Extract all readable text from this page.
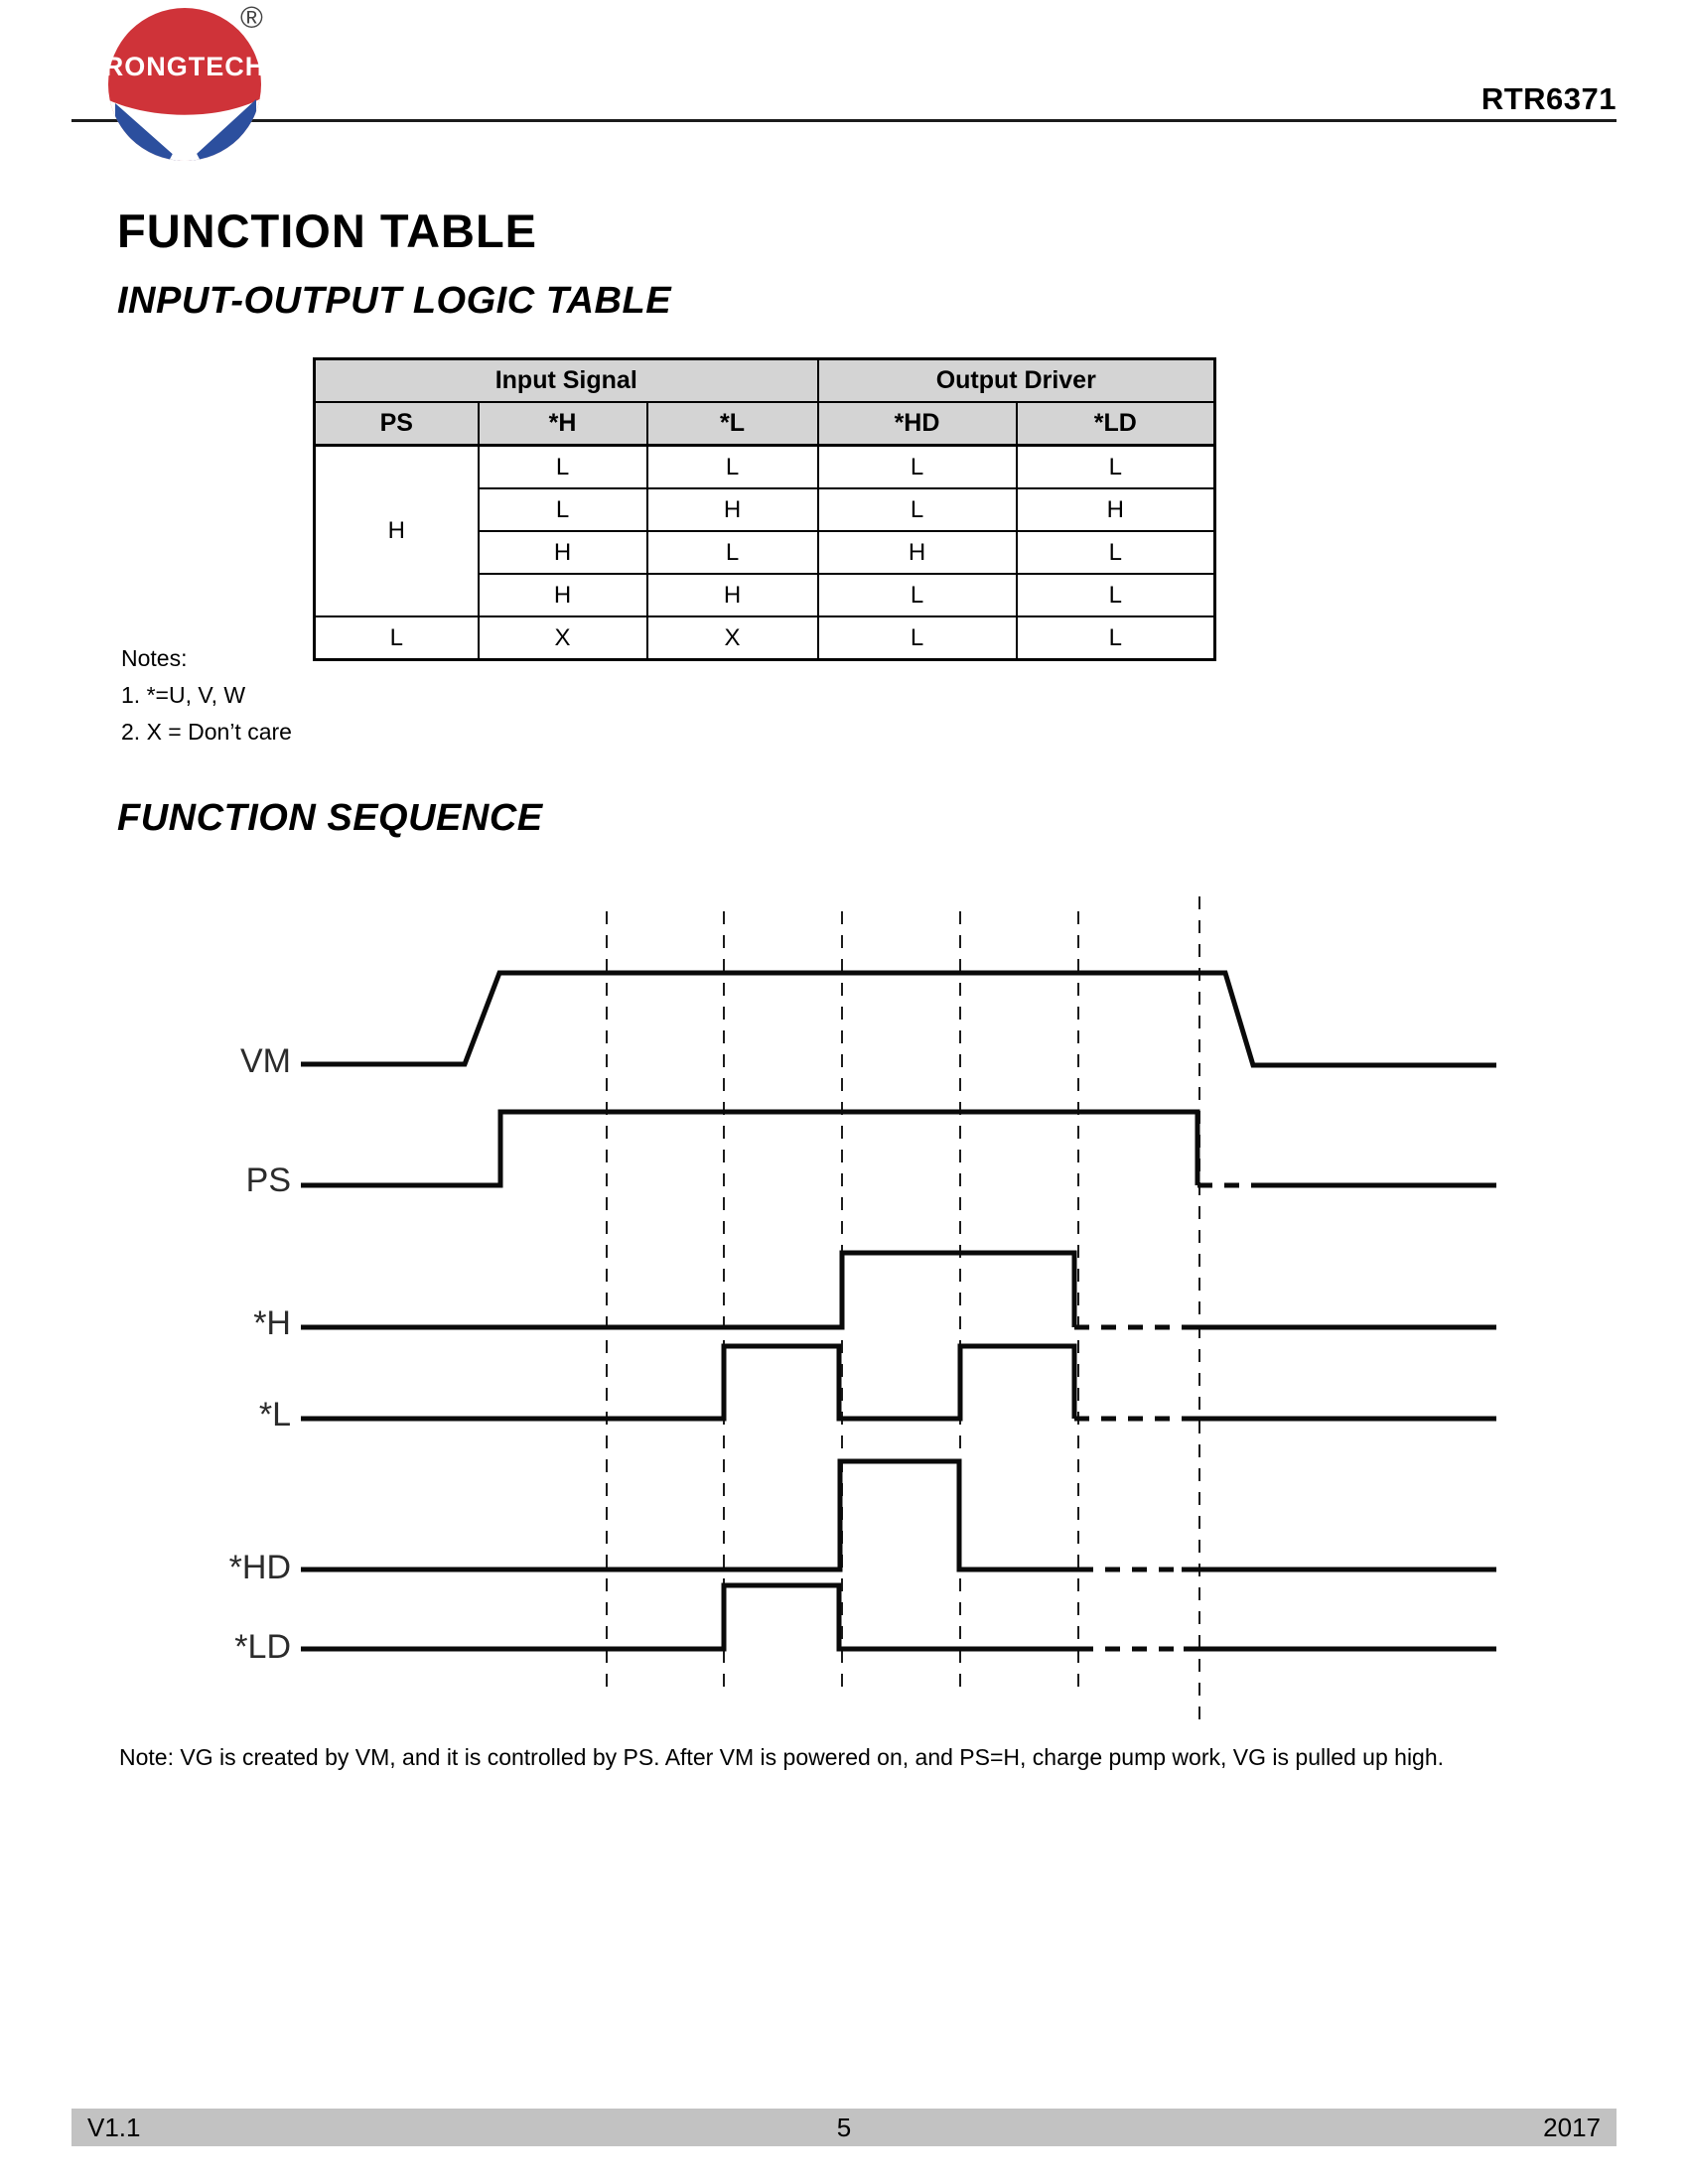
RONGTECH
®
RTR6371
FUNCTION TABLE
INPUT-OUTPUT LOGIC TABLE
Input Signal			Output Driver	
PS	*H	*L	*HD	*LD
H	L	L	L	L
	L	H	L	H
	H	L	H	L
	H	H	L	L
L	X	X	L	L
Notes:
1. *=U, V, W
2. X = Don’t care
FUNCTION SEQUENCE
VM
PS
*H
*L
*HD
*LD
Note: VG is created by VM, and it is controlled by PS. After VM is powered on, and PS=H, charge pump work, VG is pulled up high.
V1.1	5	2017
